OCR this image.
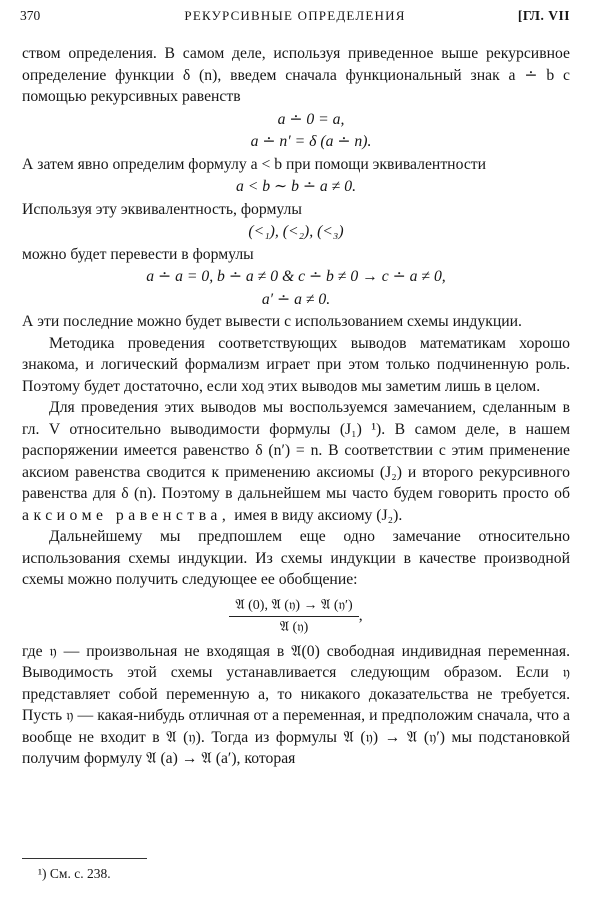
370	РЕКУРСИВНЫЕ ОПРЕДЕЛЕНИЯ	[ГЛ. VII

ством определения. В самом деле, используя приведенное выше рекурсивное определение функции δ (n), введем сначала функциональный знак a ∸ b с помощью рекурсивных равенств

a ∸ 0 = a,
a ∸ n′ = δ (a ∸ n).

А затем явно определим формулу a < b при помощи эквивалентности

a < b ∼ b ∸ a ≠ 0.

Используя эту эквивалентность, формулы

(<₁), (<₂), (<₃)

можно будет перевести в формулы

a ∸ a = 0, b ∸ a ≠ 0 & c ∸ b ≠ 0 → c ∸ a ≠ 0,
a′ ∸ a ≠ 0.

А эти последние можно будет вывести с использованием схемы индукции.

Методика проведения соответствующих выводов математикам хорошо знакома, и логический формализм играет при этом только подчиненную роль. Поэтому будет достаточно, если ход этих выводов мы заметим лишь в целом.

Для проведения этих выводов мы воспользуемся замечанием, сделанным в гл. V относительно выводимости формулы (J₁) ¹). В самом деле, в нашем распоряжении имеется равенство δ (n′) = n. В соответствии с этим применение аксиом равенства сводится к применению аксиомы (J₂) и второго рекурсивного равенства для δ (n). Поэтому в дальнейшем мы часто будем говорить просто об аксиоме равенства, имея в виду аксиому (J₂).

Дальнейшему мы предпошлем еще одно замечание относительно использования схемы индукции. Из схемы индукции в качестве производной схемы можно получить следующее ее обобщение:

$\frac{\text{𝔄 (0), 𝔄 (𝔶) → 𝔄 (𝔶′)}}{\text{𝔄 (𝔶)}}$ ,

где 𝔶 — произвольная не входящая в 𝔄(0) свободная индивидная переменная. Выводимость этой схемы устанавливается следующим образом. Если 𝔶 представляет собой переменную a, то никакого доказательства не требуется. Пусть 𝔶 — какая-нибудь отличная от a переменная, и предположим сначала, что a вообще не входит в 𝔄 (𝔶). Тогда из формулы 𝔄 (𝔶) → 𝔄 (𝔶′) мы подстановкой получим формулу 𝔄 (a) → 𝔄 (a′), которая

¹) См. с. 238.
